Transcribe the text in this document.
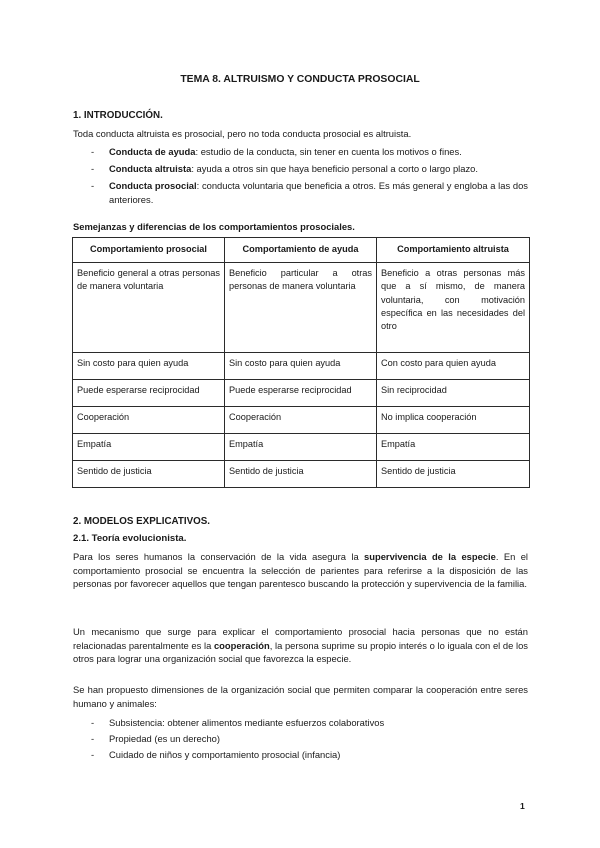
TEMA 8. ALTRUISMO Y CONDUCTA PROSOCIAL
1. INTRODUCCIÓN.
Toda conducta altruista es prosocial, pero no toda conducta prosocial es altruista.
- Conducta de ayuda: estudio de la conducta, sin tener en cuenta los motivos o fines.
- Conducta altruista: ayuda a otros sin que haya beneficio personal a corto o largo plazo.
- Conducta prosocial: conducta voluntaria que beneficia a otros. Es más general y engloba a las dos anteriores.
Semejanzas y diferencias de los comportamientos prosociales.
Comportamiento prosocial	Comportamiento de ayuda	Comportamiento altruista
Beneficio general a otras personas de manera voluntaria	Beneficio particular a otras personas de manera voluntaria	Beneficio a otras personas más que a sí mismo, de manera voluntaria, con motivación específica en las necesidades del otro
Sin costo para quien ayuda	Sin costo para quien ayuda	Con costo para quien ayuda
Puede esperarse reciprocidad	Puede esperarse reciprocidad	Sin reciprocidad
Cooperación	Cooperación	No implica cooperación
Empatía	Empatía	Empatía
Sentido de justicia	Sentido de justicia	Sentido de justicia
2. MODELOS EXPLICATIVOS.
2.1. Teoría evolucionista.

Para los seres humanos la conservación de la vida asegura la supervivencia de la especie. En el comportamiento prosocial se encuentra la selección de parientes para referirse a la disposición de las personas por favorecer aquellos que tengan parentesco buscando la protección y supervivencia de la familia.

Un mecanismo que surge para explicar el comportamiento prosocial hacia personas que no están relacionadas parentalmente es la cooperación, la persona suprime su propio interés o lo iguala con el de los otros para lograr una organización social que favorezca la especie.

Se han propuesto dimensiones de la organización social que permiten comparar la cooperación entre seres humano y animales:

- Subsistencia: obtener alimentos mediante esfuerzos colaborativos
- Propiedad (es un derecho)
- Cuidado de niños y comportamiento prosocial (infancia)
1
